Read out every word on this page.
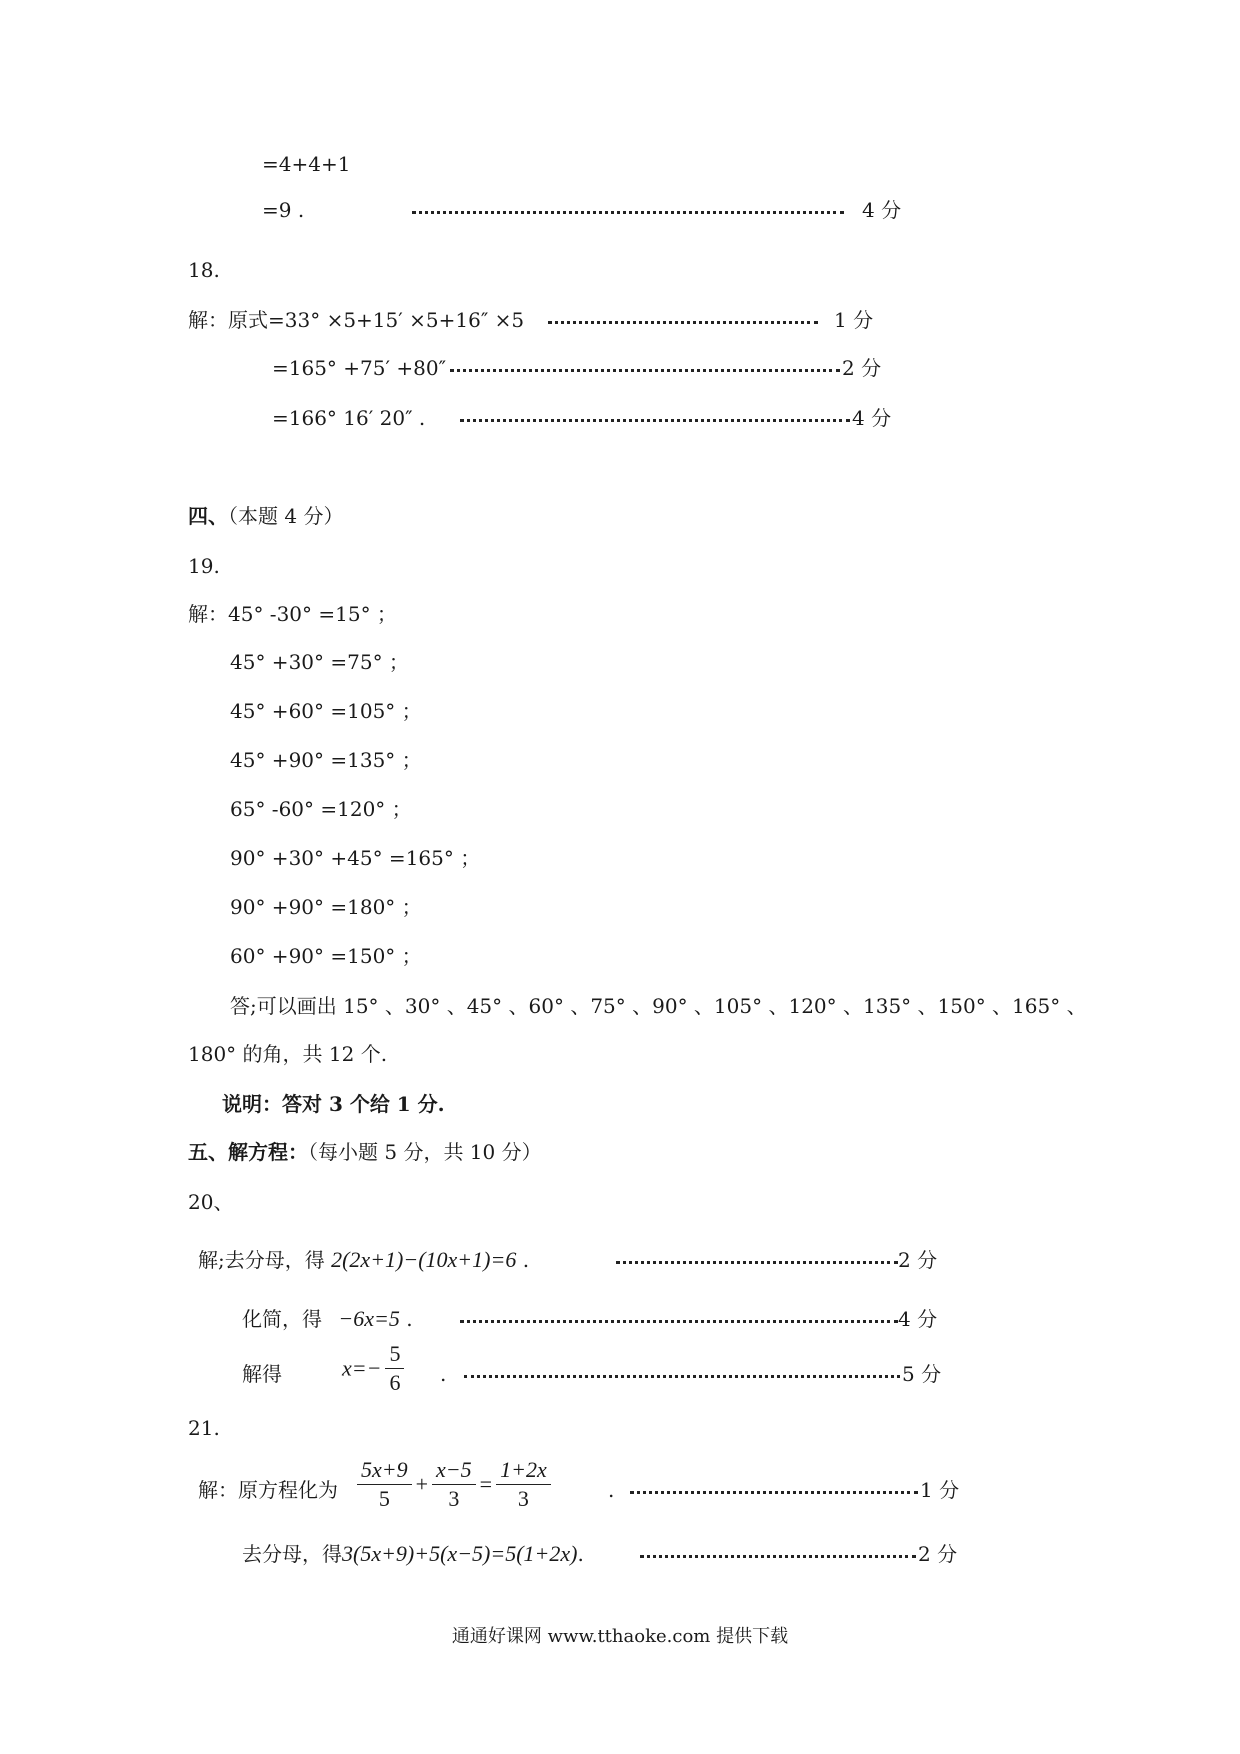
=4+4+1
=9 .	4 分
18.
解：原式=33° ×5+15′ ×5+16″ ×5	1 分
=165° +75′ +80″	2 分
=166° 16′ 20″ .	4 分
四、（本题 4 分）
19.
解：45° -30° =15° ；
45° +30° =75° ；
45° +60° =105° ；
45° +90° =135° ；
65° -60° =120° ；
90° +30° +45° =165° ；
90° +90° =180° ；
60° +90° =150° ；
答;可以画出 15° 、30° 、45° 、60° 、75° 、90° 、105° 、120° 、135° 、150° 、165° 、
180° 的角，共 12 个.
说明：答对 3 个给 1 分.
五、解方程：（每小题 5 分，共 10 分）
20、
解;去分母，得 2(2x+1)−(10x+1)=6 .	2 分
化简，得 −6x=5 .	4 分
解得	$x=- \frac{5}{6}$ .	5 分
21.
解：原方程化为 $\frac{5x+9}{5} + \frac{x-5}{3} = \frac{1+2x}{3}$	.	1 分
去分母，得3(5x+9)+5(x−5)=5(1+2x).	2 分
通通好课网 www.tthaoke.com 提供下载
